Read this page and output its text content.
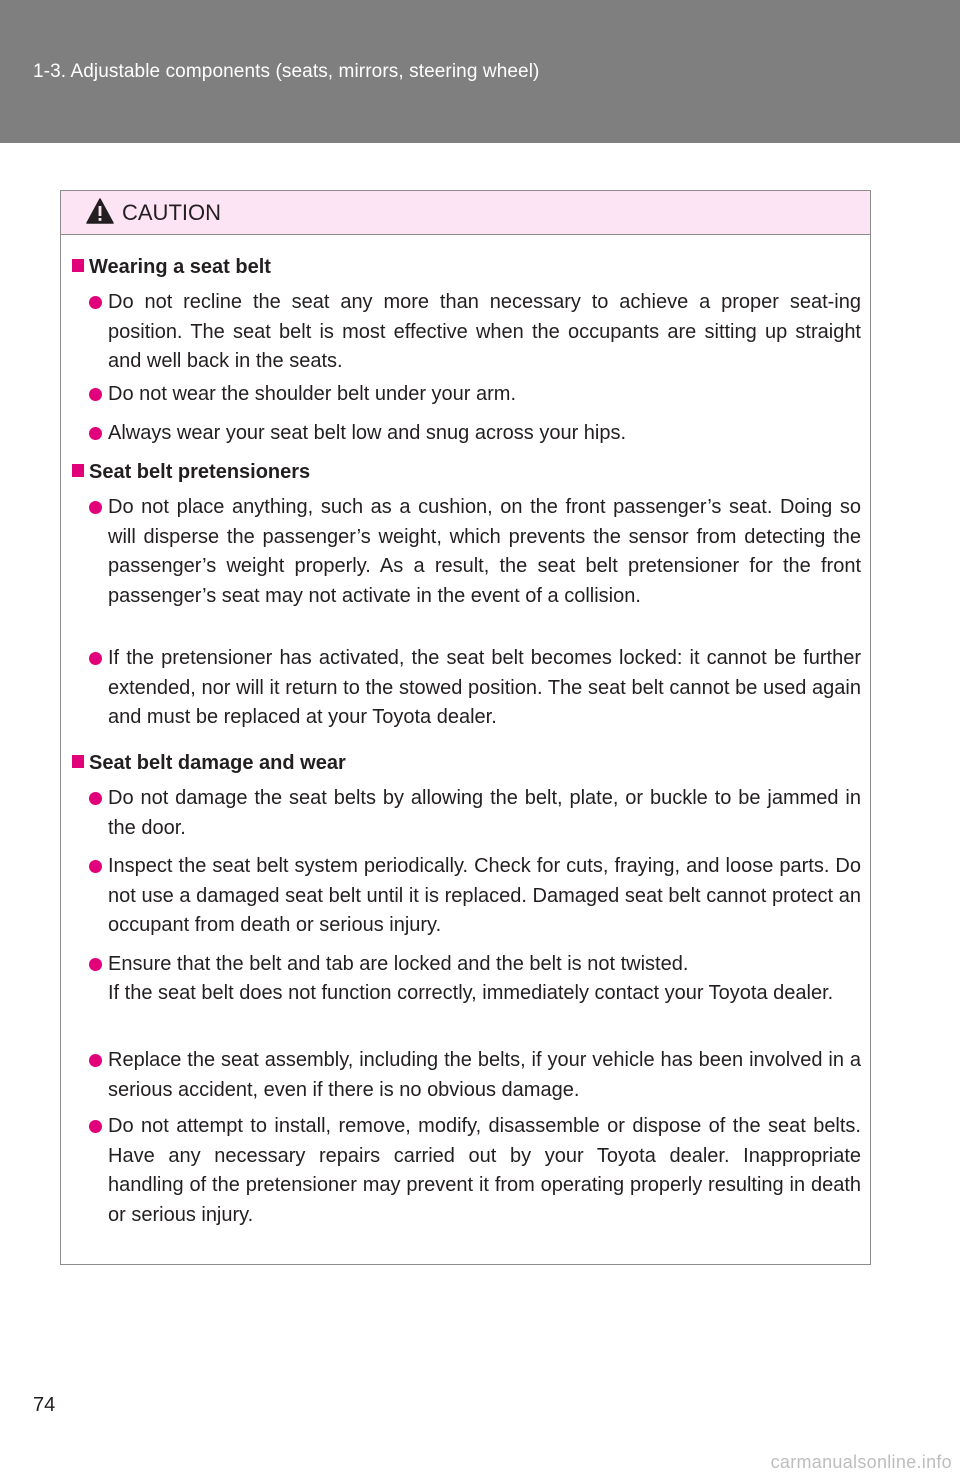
1-3. Adjustable components (seats, mirrors, steering wheel)
CAUTION
Wearing a seat belt
Do not recline the seat any more than necessary to achieve a proper seat-ing position. The seat belt is most effective when the occupants are sitting up straight and well back in the seats.
Do not wear the shoulder belt under your arm.
Always wear your seat belt low and snug across your hips.
Seat belt pretensioners
Do not place anything, such as a cushion, on the front passenger’s seat. Doing so will disperse the passenger’s weight, which prevents the sensor from detecting the passenger’s weight properly. As a result, the seat belt pretensioner for the front passenger’s seat may not activate in the event of a collision.
If the pretensioner has activated, the seat belt becomes locked: it cannot be further extended, nor will it return to the stowed position. The seat belt cannot be used again and must be replaced at your Toyota dealer.
Seat belt damage and wear
Do not damage the seat belts by allowing the belt, plate, or buckle to be jammed in the door.
Inspect the seat belt system periodically. Check for cuts, fraying, and loose parts. Do not use a damaged seat belt until it is replaced. Damaged seat belt cannot protect an occupant from death or serious injury.
Ensure that the belt and tab are locked and the belt is not twisted.
If the seat belt does not function correctly, immediately contact your Toyota dealer.
Replace the seat assembly, including the belts, if your vehicle has been involved in a serious accident, even if there is no obvious damage.
Do not attempt to install, remove, modify, disassemble or dispose of the seat belts. Have any necessary repairs carried out by your Toyota dealer. Inappropriate handling of the pretensioner may prevent it from operating properly resulting in death or serious injury.
74
carmanualsonline.info
